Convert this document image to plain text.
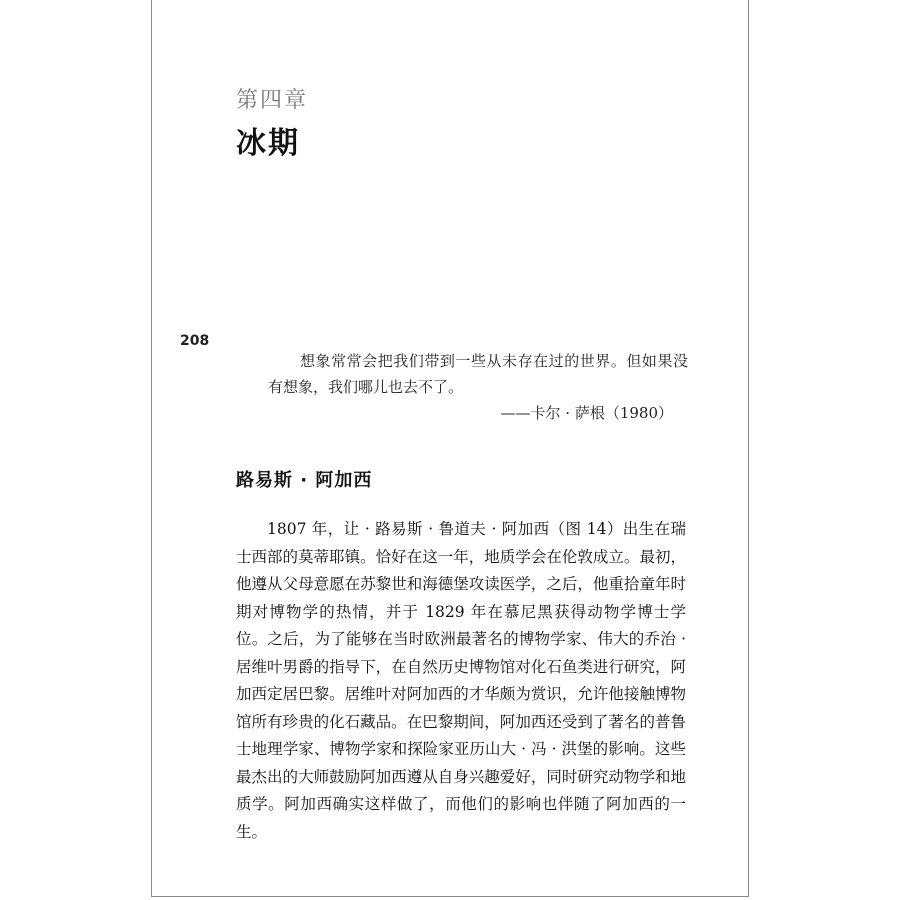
第四章
冰期
208

想象常常会把我们带到一些从未存在过的世界。但如果没有想象，我们哪儿也去不了。

——卡尔 · 萨根（1980）

路易斯 · 阿加西

1807 年，让 · 路易斯 · 鲁道夫 · 阿加西（图 14）出生在瑞士西部的莫蒂耶镇。恰好在这一年，地质学会在伦敦成立。最初，他遵从父母意愿在苏黎世和海德堡攻读医学，之后，他重拾童年时期对博物学的热情，并于 1829 年在慕尼黑获得动物学博士学位。之后，为了能够在当时欧洲最著名的博物学家、伟大的乔治 · 居维叶男爵的指导下，在自然历史博物馆对化石鱼类进行研究，阿加西定居巴黎。居维叶对阿加西的才华颇为赏识，允许他接触博物馆所有珍贵的化石藏品。在巴黎期间，阿加西还受到了著名的普鲁士地理学家、博物学家和探险家亚历山大 · 冯 · 洪堡的影响。这些最杰出的大师鼓励阿加西遵从自身兴趣爱好，同时研究动物学和地质学。阿加西确实这样做了，而他们的影响也伴随了阿加西的一生。
